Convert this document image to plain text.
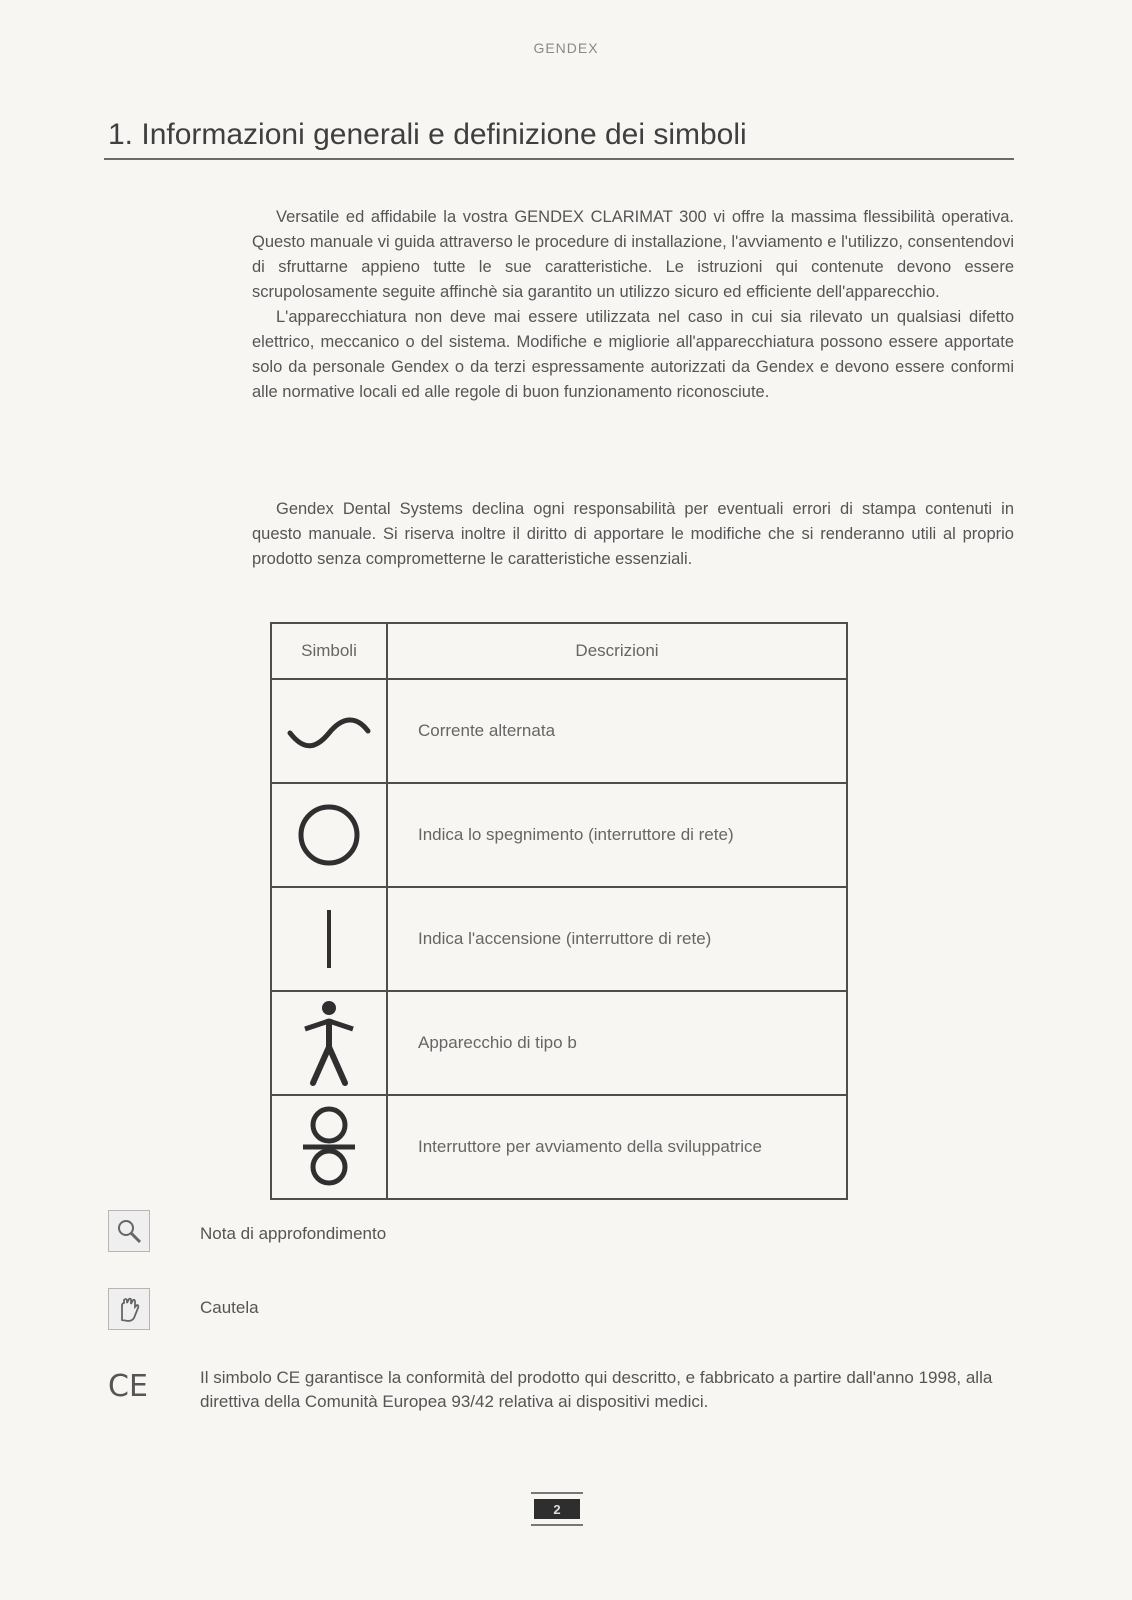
GENDEX
1. Informazioni generali e definizione dei simboli

Versatile ed affidabile la vostra GENDEX CLARIMAT 300 vi offre la massima flessibilità operativa. Questo manuale vi guida attraverso le procedure di installazione, l'avviamento e l'utilizzo, consentendovi di sfruttarne appieno tutte le sue caratteristiche. Le istruzioni qui contenute devono essere scrupolosamente seguite affinchè sia garantito un utilizzo sicuro ed efficiente dell'apparecchio.

L'apparecchiatura non deve mai essere utilizzata nel caso in cui sia rilevato un qualsiasi difetto elettrico, meccanico o del sistema. Modifiche e migliorie all'apparecchiatura possono essere apportate solo da personale Gendex o da terzi espressamente autorizzati da Gendex e devono essere conformi alle normative locali ed alle regole di buon funzionamento riconosciute.

Gendex Dental Systems declina ogni responsabilità per eventuali errori di stampa contenuti in questo manuale. Si riserva inoltre il diritto di apportare le modifiche che si renderanno utili al proprio prodotto senza comprometterne le caratteristiche essenziali.

Simboli	Descrizioni

	Corrente alternata

	Indica lo spegnimento (interruttore di rete)

	Indica l'accensione (interruttore di rete)

	Apparecchio di tipo b

	Interruttore per avviamento della sviluppatrice
Nota di approfondimento
Cautela
CE	Il simbolo CE garantisce la conformità del prodotto qui descritto, e fabbricato a partire dall'anno 1998, alla direttiva della Comunità Europea 93/42 relativa ai dispositivi medici.
2
